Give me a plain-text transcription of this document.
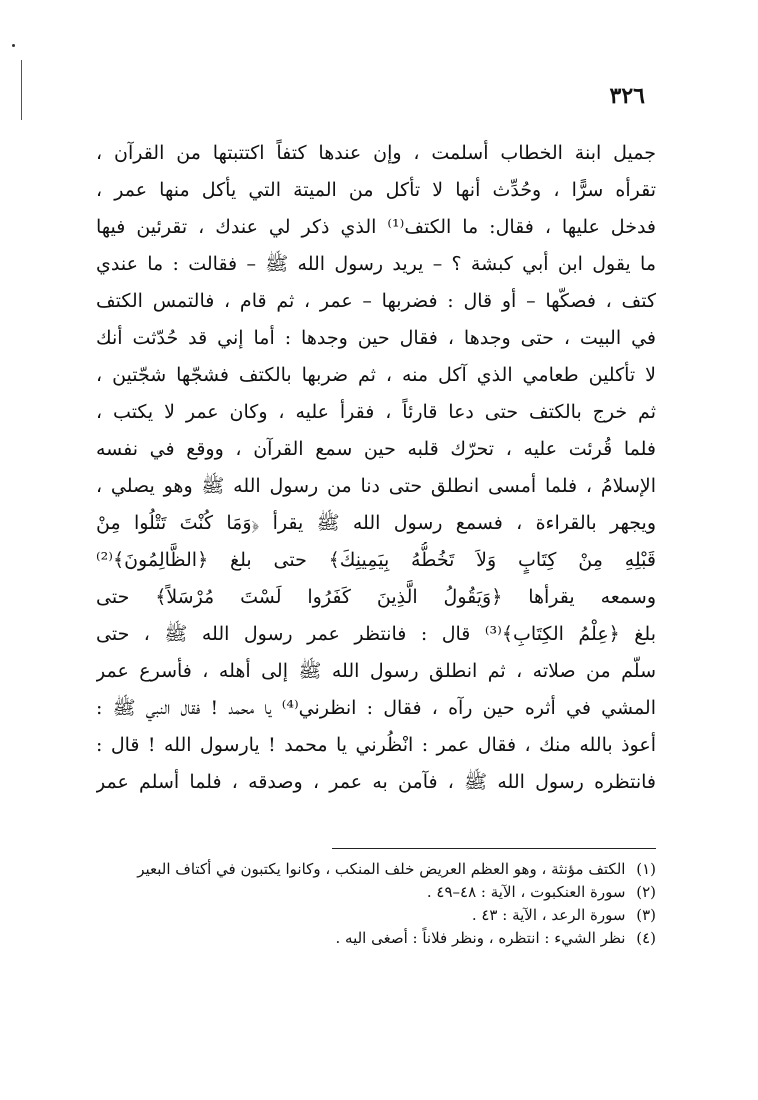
٣٢٦
جميل ابنة الخطاب أسلمت ، وإن عندها كتفاً اكتتبتها من القرآن ،
تقرأه سرًّا ، وحُدِّث أنها لا تأكل من الميتة التي يأكل منها عمر ،
فدخل عليها ، فقال: ما الكتف⁽¹⁾ الذي ذكر لي عندك ، تقرئين فيها
ما يقول ابن أبي كبشة ؟ – يريد رسول الله ﷺ – فقالت : ما عندي
كتف ، فصكّها – أو قال : فضربها – عمر ، ثم قام ، فالتمس الكتف
في البيت ، حتى وجدها ، فقال حين وجدها : أما إني قد حُدّثت أنك
لا تأكلين طعامي الذي آكل منه ، ثم ضربها بالكتف فشجّها شجّتين ،
ثم خرج بالكتف حتى دعا قارئاً ، فقرأ عليه ، وكان عمر لا يكتب ،
فلما قُرئت عليه ، تحرّك قلبه حين سمع القرآن ، ووقع في نفسه
الإسلامُ ، فلما أمسى انطلق حتى دنا من رسول الله ﷺ وهو يصلي ،
ويجهر بالقراءة ، فسمع رسول الله ﷺ يقرأ ﴿وَمَا كُنْتَ تَتْلُوا مِنْ
قَبْلِهِ مِنْ كِتَابٍ وَلاَ تَخُطُّهُ بِيَمِينِكَ﴾ حتى بلغ ﴿الظَّالِمُونَ﴾⁽²⁾
وسمعه يقرأها ﴿وَيَقُولُ الَّذِينَ كَفَرُوا لَسْتَ مُرْسَلاً﴾ حتى
بلغ ﴿عِلْمُ الكِتَابِ﴾⁽³⁾ قال : فانتظر عمر رسول الله ﷺ ، حتى
سلّم من صلاته ، ثم انطلق رسول الله ﷺ إلى أهله ، فأسرع عمر
المشي في أثره حين رآه ، فقال : انظرني⁽⁴⁾ يا محمد ! فقال النبي ﷺ :
أعوذ بالله منك ، فقال عمر : انْظُرني يا محمد ! يارسول الله ! قال :
فانتظره رسول الله ﷺ ، فآمن به عمر ، وصدقه ، فلما أسلم عمر
(١) الكتف مؤنثة ، وهو العظم العريض خلف المنكب ، وكانوا يكتبون في أكتاف البعير
(٢) سورة العنكبوت ، الآية : ٤٨–٤٩ .
(٣) سورة الرعد ، الآية : ٤٣ .
(٤) نظر الشيء : انتظره ، ونظر فلاناً : أصغى اليه .
